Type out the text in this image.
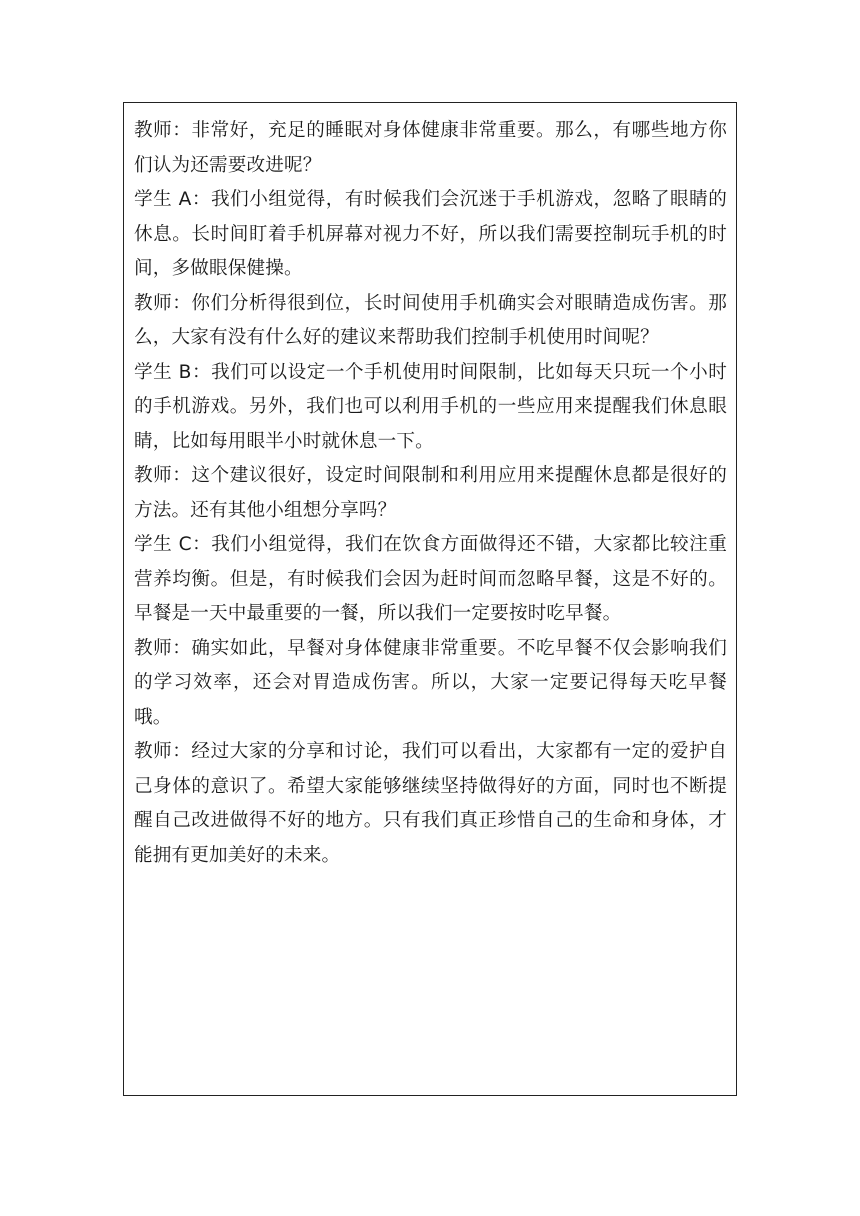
教师：非常好，充足的睡眠对身体健康非常重要。那么，有哪些地方你们认为还需要改进呢？

学生 A：我们小组觉得，有时候我们会沉迷于手机游戏，忽略了眼睛的休息。长时间盯着手机屏幕对视力不好，所以我们需要控制玩手机的时间，多做眼保健操。

教师：你们分析得很到位，长时间使用手机确实会对眼睛造成伤害。那么，大家有没有什么好的建议来帮助我们控制手机使用时间呢？

学生 B：我们可以设定一个手机使用时间限制，比如每天只玩一个小时的手机游戏。另外，我们也可以利用手机的一些应用来提醒我们休息眼睛，比如每用眼半小时就休息一下。

教师：这个建议很好，设定时间限制和利用应用来提醒休息都是很好的方法。还有其他小组想分享吗？

学生 C：我们小组觉得，我们在饮食方面做得还不错，大家都比较注重营养均衡。但是，有时候我们会因为赶时间而忽略早餐，这是不好的。早餐是一天中最重要的一餐，所以我们一定要按时吃早餐。

教师：确实如此，早餐对身体健康非常重要。不吃早餐不仅会影响我们的学习效率，还会对胃造成伤害。所以，大家一定要记得每天吃早餐哦。

教师：经过大家的分享和讨论，我们可以看出，大家都有一定的爱护自己身体的意识了。希望大家能够继续坚持做得好的方面，同时也不断提醒自己改进做得不好的地方。只有我们真正珍惜自己的生命和身体，才能拥有更加美好的未来。
